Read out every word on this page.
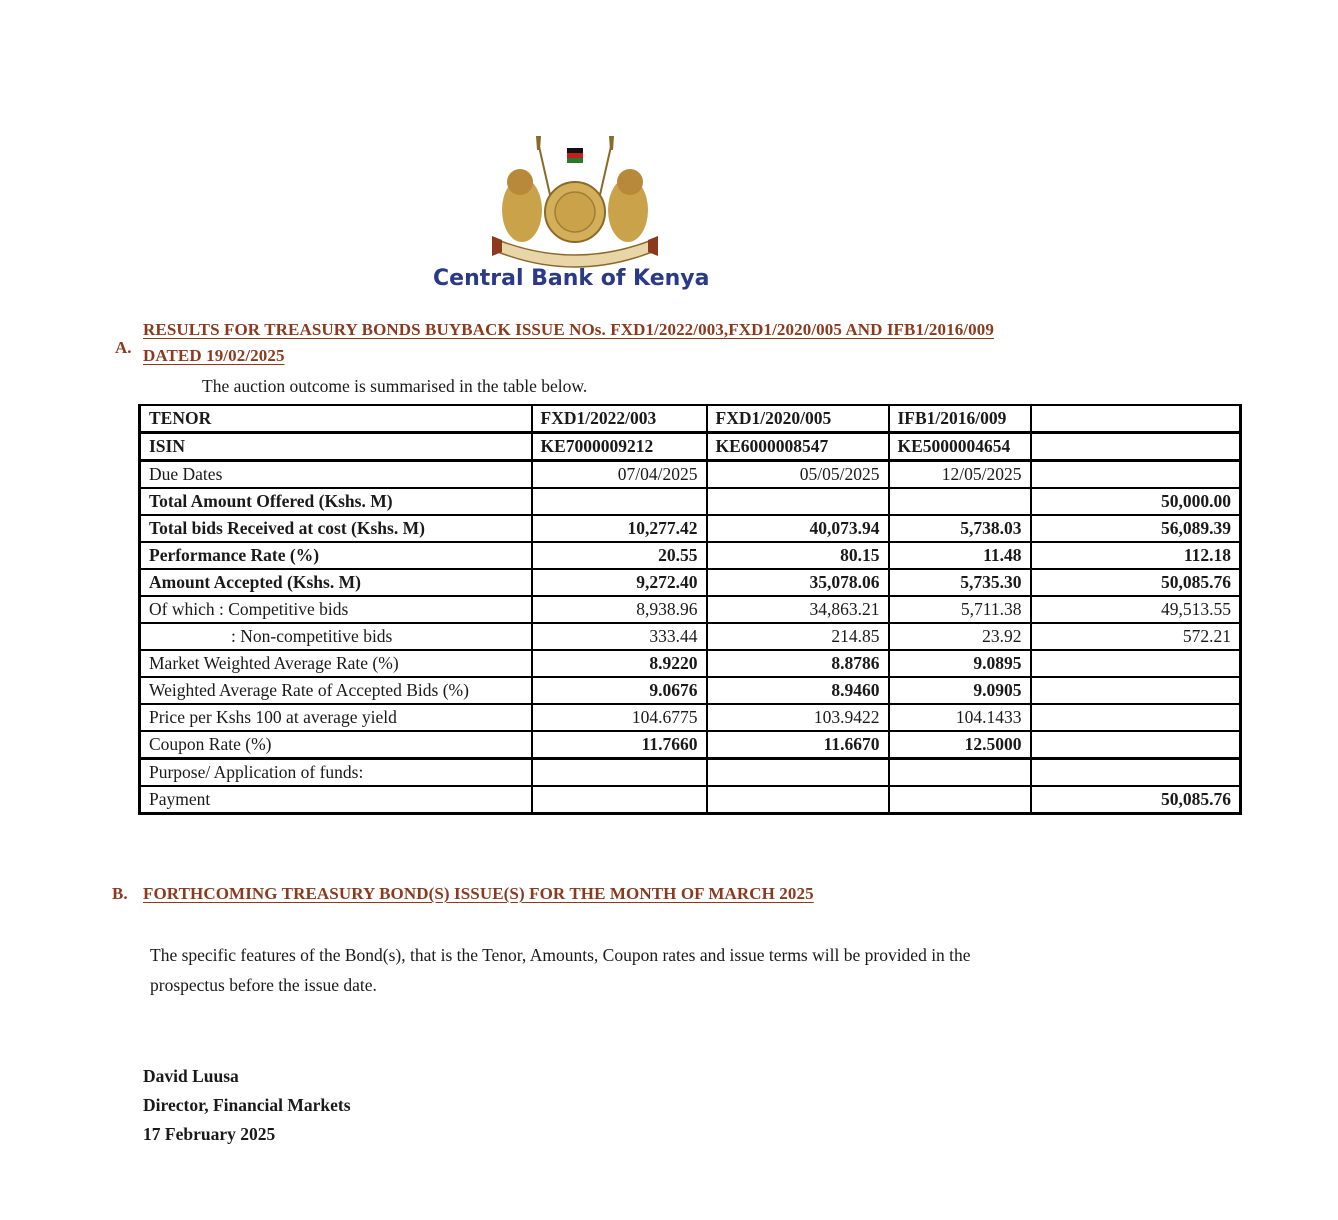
Central Bank of Kenya
A.
RESULTS FOR TREASURY BONDS BUYBACK ISSUE NOs. FXD1/2022/003,FXD1/2020/005 AND IFB1/2016/009
DATED 19/02/2025
The auction outcome is summarised in the table below.
TENOR	FXD1/2022/003	FXD1/2020/005	IFB1/2016/009	
ISIN	KE7000009212	KE6000008547	KE5000004654	
Due Dates	07/04/2025	05/05/2025	12/05/2025	
Total Amount Offered (Kshs. M)				50,000.00
Total bids Received at cost (Kshs. M)	10,277.42	40,073.94	5,738.03	56,089.39
Performance Rate (%)	20.55	80.15	11.48	112.18
Amount Accepted (Kshs. M)	9,272.40	35,078.06	5,735.30	50,085.76
Of which : Competitive bids	8,938.96	34,863.21	5,711.38	49,513.55
: Non-competitive bids	333.44	214.85	23.92	572.21
Market Weighted Average Rate (%)	8.9220	8.8786	9.0895	
Weighted Average Rate of Accepted Bids (%)	9.0676	8.9460	9.0905	
Price per Kshs 100 at average yield	104.6775	103.9422	104.1433	
Coupon Rate (%)	11.7660	11.6670	12.5000	
Purpose/ Application of funds:				
Payment				50,085.76
B. FORTHCOMING TREASURY BOND(S) ISSUE(S) FOR THE MONTH OF MARCH 2025
The specific features of the Bond(s), that is the Tenor, Amounts, Coupon rates and issue terms will be provided in the
prospectus before the issue date.
David Luusa
Director, Financial Markets
17 February 2025
